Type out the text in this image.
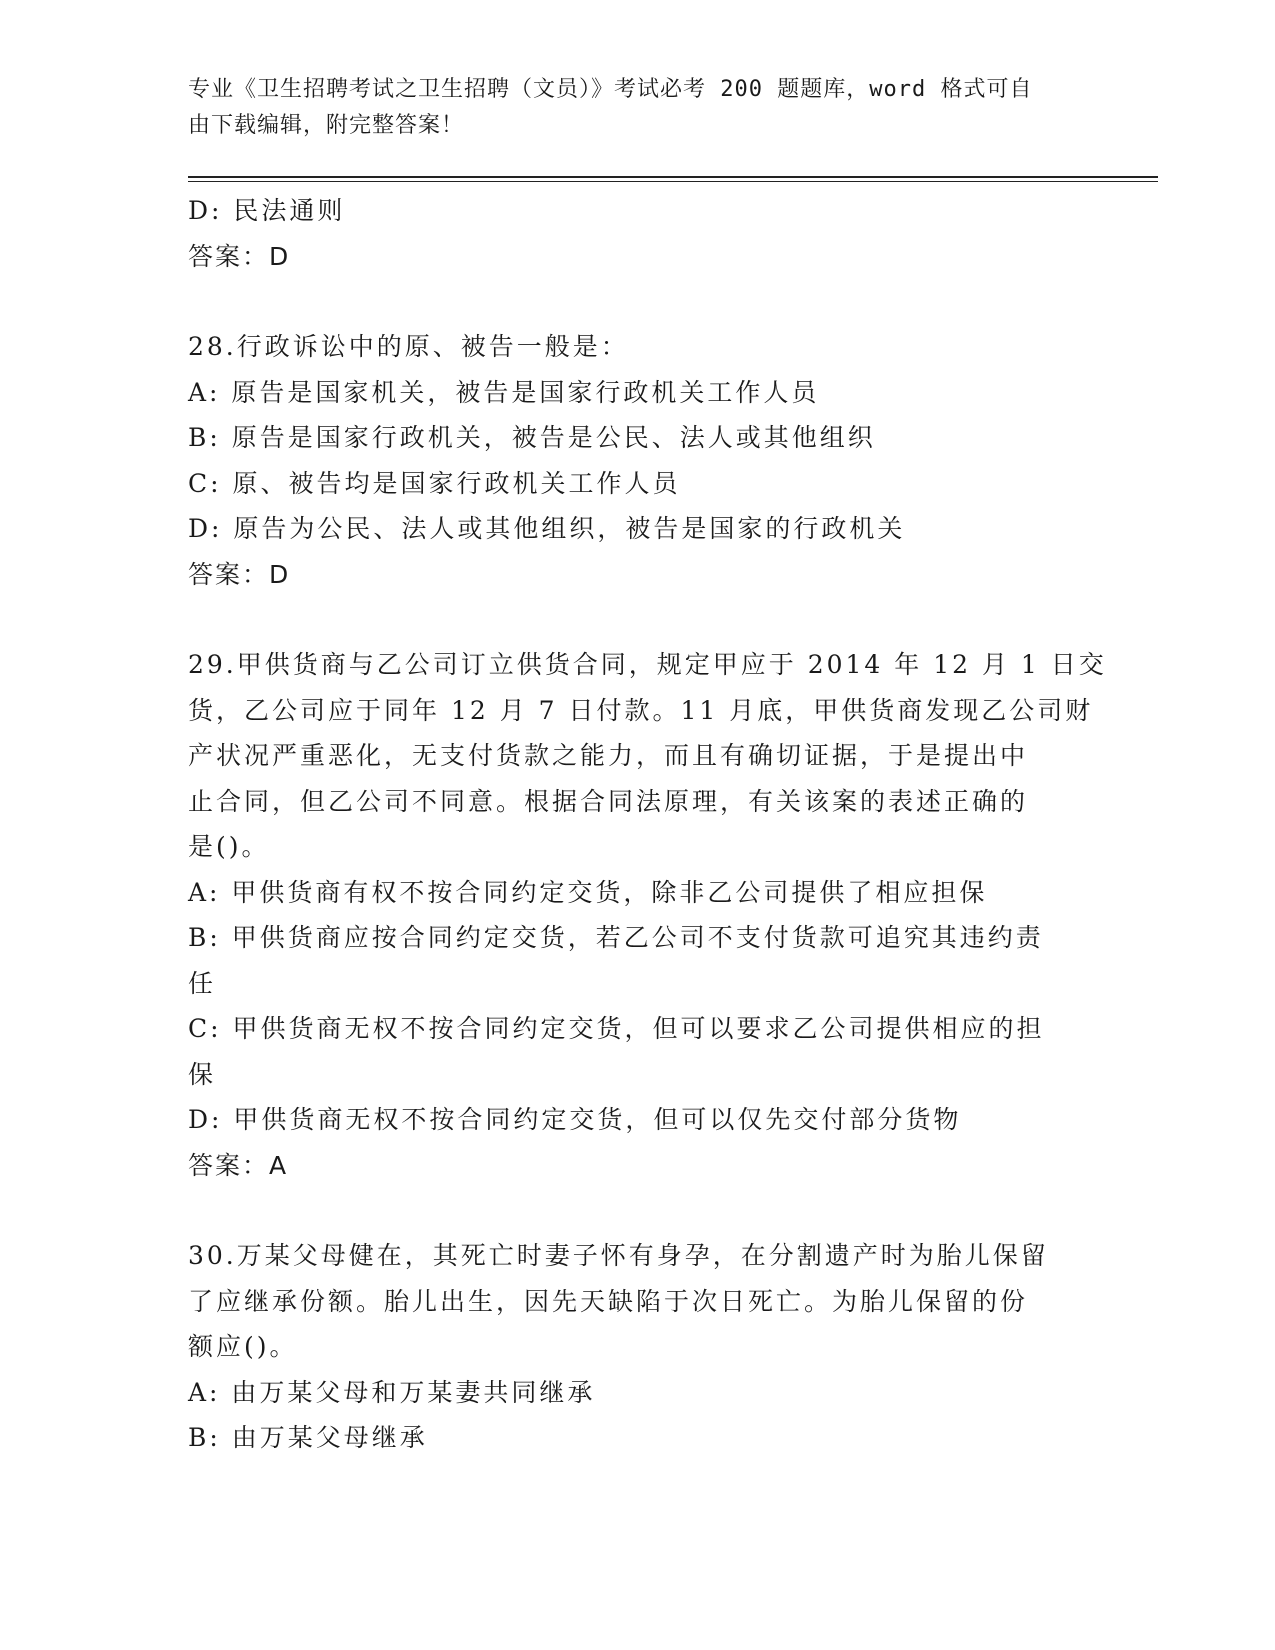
专业《卫生招聘考试之卫生招聘（文员）》考试必考 200 题题库，word 格式可自
由下载编辑，附完整答案！
D: 民法通则
答案：D
28.行政诉讼中的原、被告一般是：
A: 原告是国家机关，被告是国家行政机关工作人员
B: 原告是国家行政机关，被告是公民、法人或其他组织
C: 原、被告均是国家行政机关工作人员
D: 原告为公民、法人或其他组织，被告是国家的行政机关
答案：D
29.甲供货商与乙公司订立供货合同，规定甲应于 2014 年 12 月 1 日交
货，乙公司应于同年 12 月 7 日付款。11 月底，甲供货商发现乙公司财
产状况严重恶化，无支付货款之能力，而且有确切证据，于是提出中
止合同，但乙公司不同意。根据合同法原理，有关该案的表述正确的
是()。
A: 甲供货商有权不按合同约定交货，除非乙公司提供了相应担保
B: 甲供货商应按合同约定交货，若乙公司不支付货款可追究其违约责
任
C: 甲供货商无权不按合同约定交货，但可以要求乙公司提供相应的担
保
D: 甲供货商无权不按合同约定交货，但可以仅先交付部分货物
答案：A
30.万某父母健在，其死亡时妻子怀有身孕，在分割遗产时为胎儿保留
了应继承份额。胎儿出生，因先天缺陷于次日死亡。为胎儿保留的份
额应()。
A: 由万某父母和万某妻共同继承
B: 由万某父母继承
